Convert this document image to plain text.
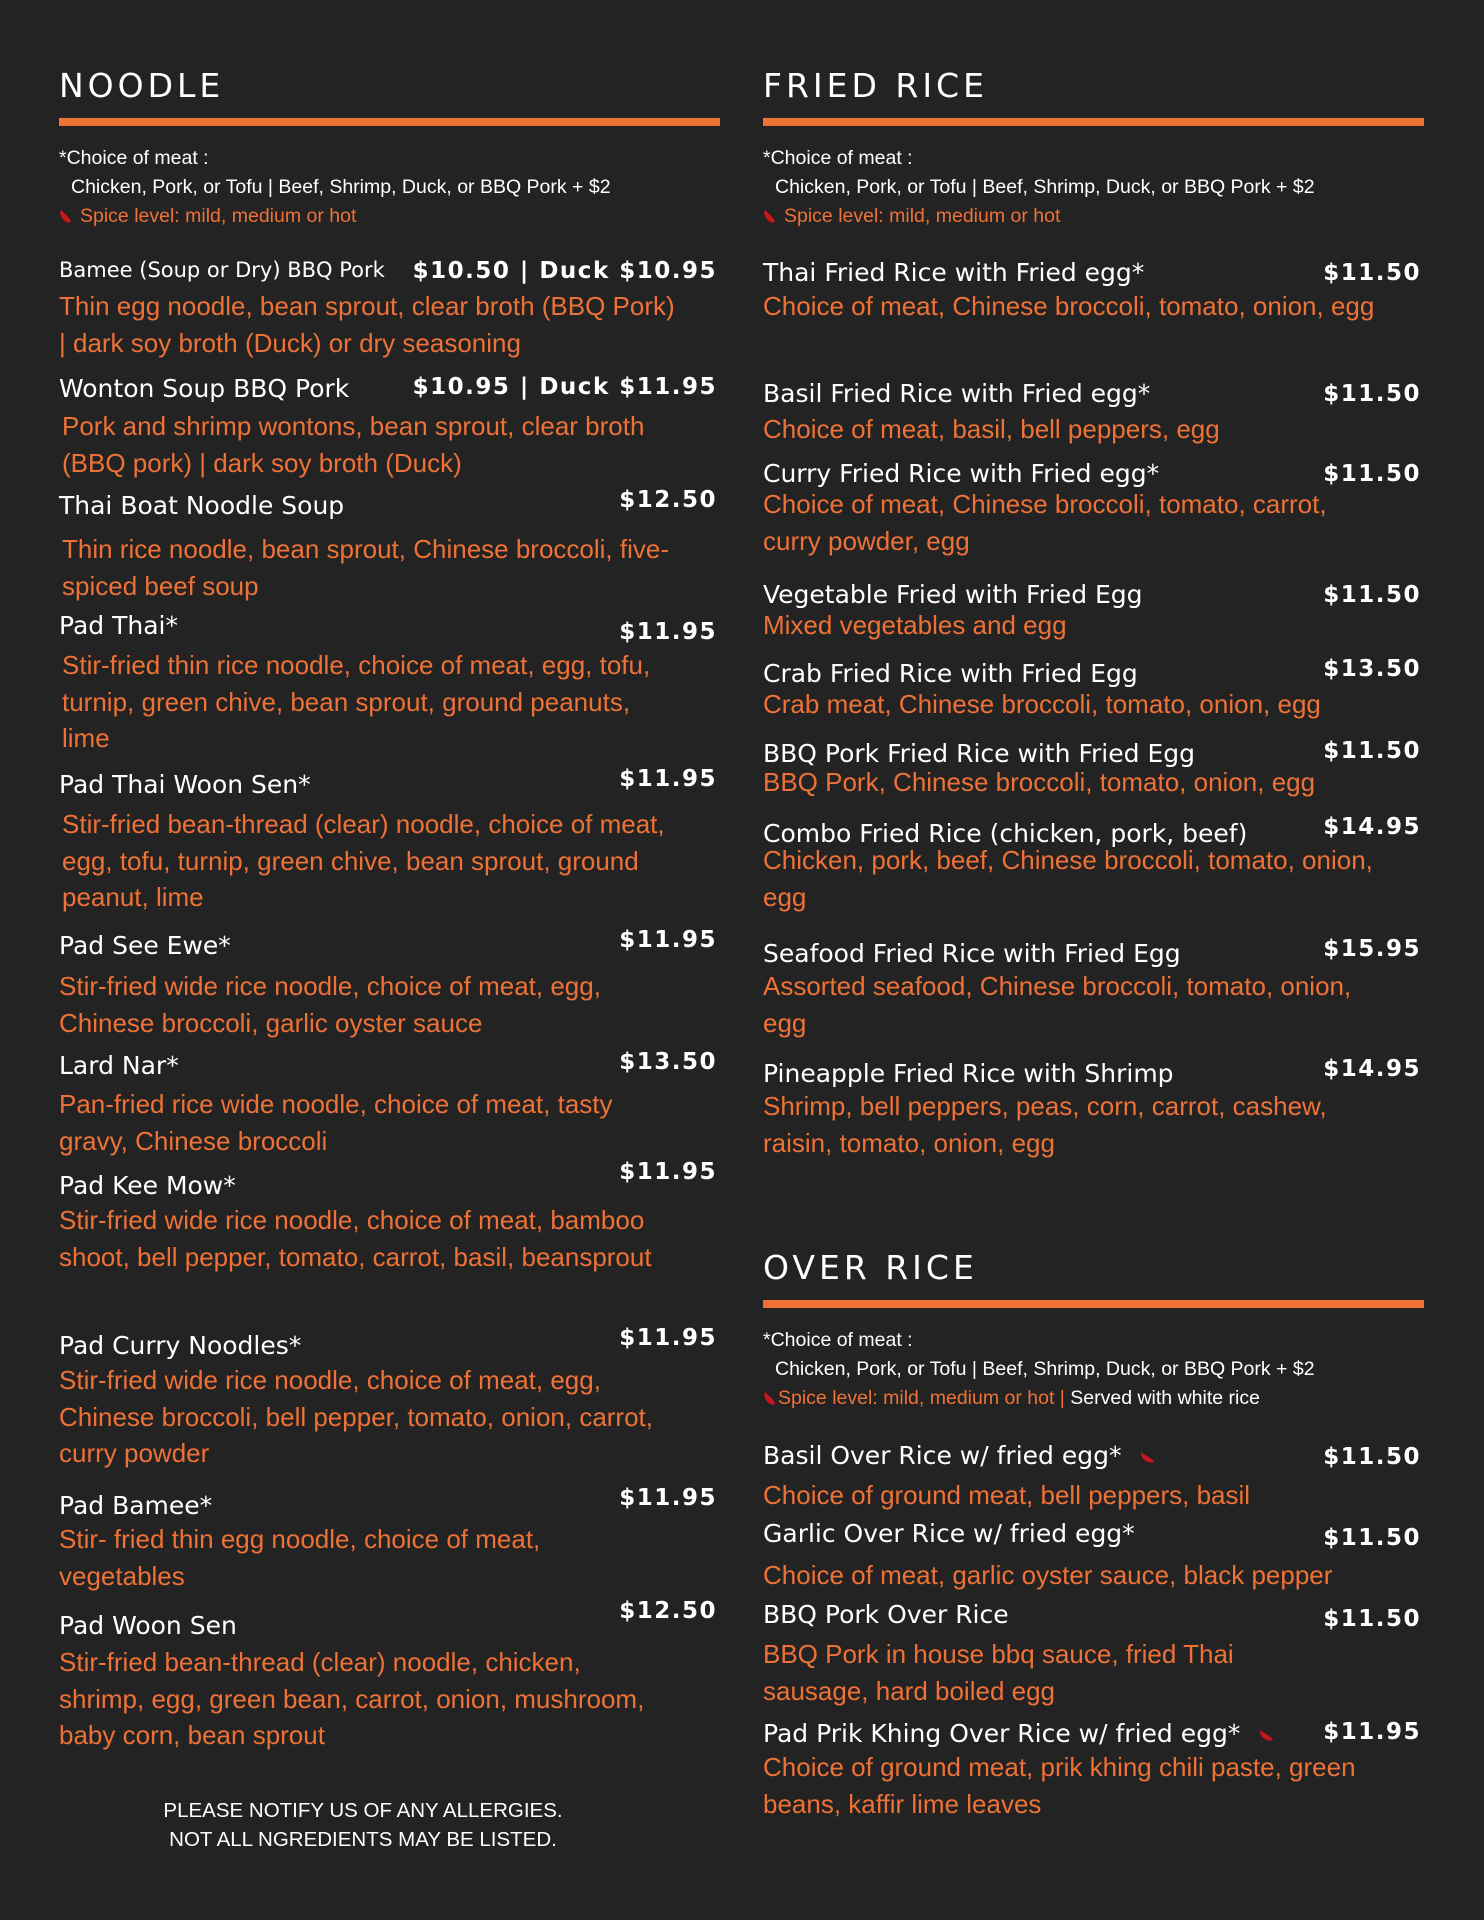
NOODLE
*Choice of meat :
Chicken, Pork, or Tofu | Beef, Shrimp, Duck, or BBQ Pork + $2
Spice level: mild, medium or hot
Bamee (Soup or Dry) BBQ Pork $10.50 | Duck $10.95
Thin egg noodle, bean sprout, clear broth (BBQ Pork) | dark soy broth (Duck) or dry seasoning
Wonton Soup BBQ Pork	$10.95 | Duck $11.95
Pork and shrimp wontons, bean sprout, clear broth (BBQ pork) | dark soy broth (Duck)
Thai Boat Noodle Soup	$12.50
Thin rice noodle, bean sprout, Chinese broccoli, five-spiced beef soup
Pad Thai*	$11.95
Stir-fried thin rice noodle, choice of meat, egg, tofu, turnip, green chive, bean sprout, ground peanuts, lime
Pad Thai Woon Sen*	$11.95
Stir-fried bean-thread (clear) noodle, choice of meat, egg, tofu, turnip, green chive, bean sprout, ground peanut, lime
Pad See Ewe*	$11.95
Stir-fried wide rice noodle, choice of meat, egg, Chinese broccoli, garlic oyster sauce
Lard Nar*	$13.50
Pan-fried rice wide noodle, choice of meat, tasty gravy, Chinese broccoli
Pad Kee Mow*	$11.95
Stir-fried wide rice noodle, choice of meat, bamboo shoot, bell pepper, tomato, carrot, basil, beansprout
Pad Curry Noodles*	$11.95
Stir-fried wide rice noodle, choice of meat, egg, Chinese broccoli, bell pepper, tomato, onion, carrot, curry powder
Pad Bamee*	$11.95
Stir- fried thin egg noodle, choice of meat, vegetables
Pad Woon Sen	$12.50
Stir-fried bean-thread (clear) noodle, chicken, shrimp, egg, green bean, carrot, onion, mushroom, baby corn, bean sprout
FRIED RICE
*Choice of meat :
Chicken, Pork, or Tofu | Beef, Shrimp, Duck, or BBQ Pork + $2
Spice level: mild, medium or hot
Thai Fried Rice with Fried egg*	$11.50
Choice of meat, Chinese broccoli, tomato, onion, egg
Basil Fried Rice with Fried egg*	$11.50
Choice of meat, basil, bell peppers, egg
Curry Fried Rice with Fried egg*	$11.50
Choice of meat, Chinese broccoli, tomato, carrot, curry powder, egg
Vegetable Fried with Fried Egg	$11.50
Mixed vegetables and egg
Crab Fried Rice with Fried Egg	$13.50
Crab meat, Chinese broccoli, tomato, onion, egg
BBQ Pork Fried Rice with Fried Egg	$11.50
BBQ Pork, Chinese broccoli, tomato, onion, egg
Combo Fried Rice (chicken, pork, beef)	$14.95
Chicken, pork, beef, Chinese broccoli, tomato, onion, egg
Seafood Fried Rice with Fried Egg	$15.95
Assorted seafood, Chinese broccoli, tomato, onion, egg
Pineapple Fried Rice with Shrimp	$14.95
Shrimp, bell peppers, peas, corn, carrot, cashew, raisin, tomato, onion, egg
OVER RICE
*Choice of meat :
Chicken, Pork, or Tofu | Beef, Shrimp, Duck, or BBQ Pork + $2
Spice level: mild, medium or hot | Served with white rice
Basil Over Rice w/ fried egg*	$11.50
Choice of ground meat, bell peppers, basil
Garlic Over Rice w/ fried egg*	$11.50
Choice of meat, garlic oyster sauce, black pepper
BBQ Pork Over Rice	$11.50
BBQ Pork in house bbq sauce, fried Thai sausage, hard boiled egg
Pad Prik Khing Over Rice w/ fried egg*	$11.95
Choice of ground meat, prik khing chili paste, green beans, kaffir lime leaves
PLEASE NOTIFY US OF ANY ALLERGIES.
NOT ALL NGREDIENTS MAY BE LISTED.
